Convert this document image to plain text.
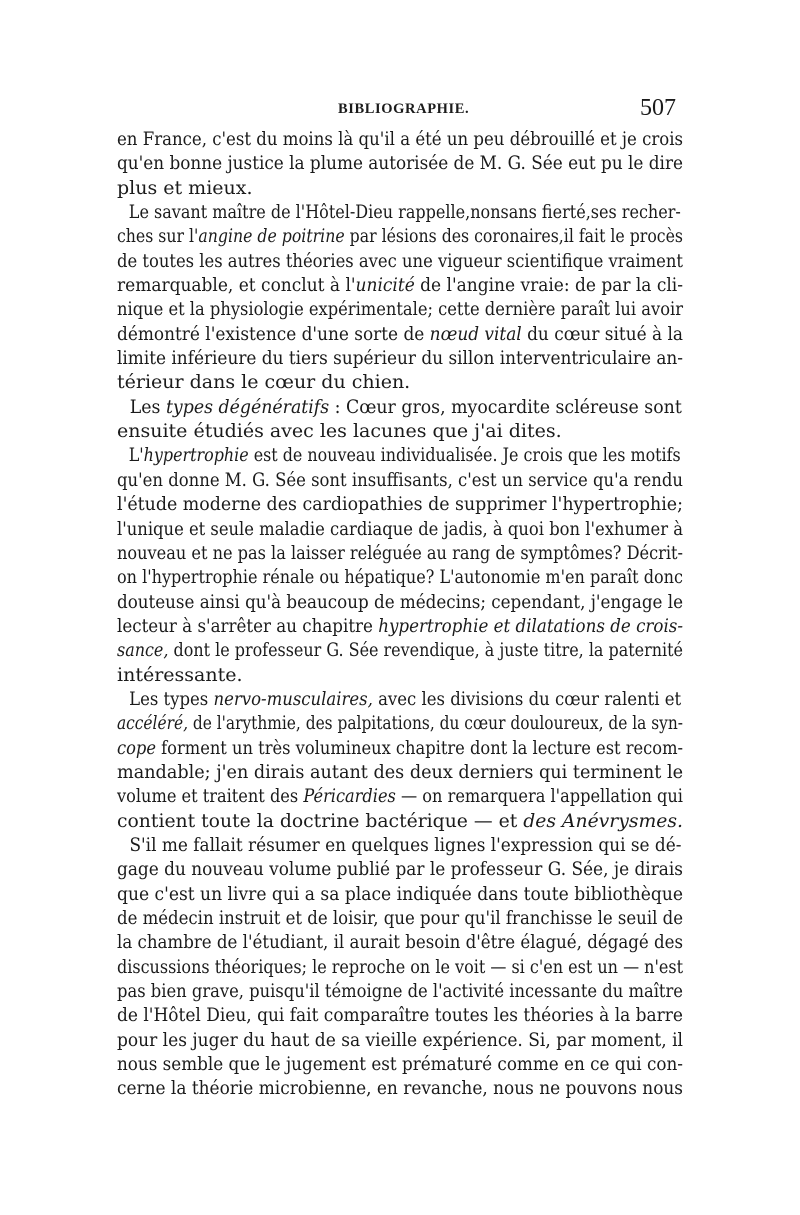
BIBLIOGRAPHIE.	507
en France, c'est du moins là qu'il a été un peu débrouillé et je crois
qu'en bonne justice la plume autorisée de M. G. Sée eut pu le dire
plus et mieux.
Le savant maître de l'Hôtel-Dieu rappelle,nonsans fierté,ses recher-
ches sur l'angine de poitrine par lésions des coronaires,il fait le procès
de toutes les autres théories avec une vigueur scientifique vraiment
remarquable, et conclut à l'unicité de l'angine vraie: de par la cli-
nique et la physiologie expérimentale; cette dernière paraît lui avoir
démontré l'existence d'une sorte de nœud vital du cœur situé à la
limite inférieure du tiers supérieur du sillon interventriculaire an-
térieur dans le cœur du chien.
Les types dégénératifs : Cœur gros, myocardite scléreuse sont
ensuite étudiés avec les lacunes que j'ai dites.
L'hypertrophie est de nouveau individualisée. Je crois que les motifs
qu'en donne M. G. Sée sont insuffisants, c'est un service qu'a rendu
l'étude moderne des cardiopathies de supprimer l'hypertrophie;
l'unique et seule maladie cardiaque de jadis, à quoi bon l'exhumer à
nouveau et ne pas la laisser reléguée au rang de symptômes? Décrit-
on l'hypertrophie rénale ou hépatique? L'autonomie m'en paraît donc
douteuse ainsi qu'à beaucoup de médecins; cependant, j'engage le
lecteur à s'arrêter au chapitre hypertrophie et dilatations de crois-
sance, dont le professeur G. Sée revendique, à juste titre, la paternité
intéressante.
Les types nervo-musculaires, avec les divisions du cœur ralenti et
accéléré, de l'arythmie, des palpitations, du cœur douloureux, de la syn-
cope forment un très volumineux chapitre dont la lecture est recom-
mandable; j'en dirais autant des deux derniers qui terminent le
volume et traitent des Péricardies — on remarquera l'appellation qui
contient toute la doctrine bactérique — et des Anévrysmes.
S'il me fallait résumer en quelques lignes l'expression qui se dé-
gage du nouveau volume publié par le professeur G. Sée, je dirais
que c'est un livre qui a sa place indiquée dans toute bibliothèque
de médecin instruit et de loisir, que pour qu'il franchisse le seuil de
la chambre de l'étudiant, il aurait besoin d'être élagué, dégagé des
discussions théoriques; le reproche on le voit — si c'en est un — n'est
pas bien grave, puisqu'il témoigne de l'activité incessante du maître
de l'Hôtel Dieu, qui fait comparaître toutes les théories à la barre
pour les juger du haut de sa vieille expérience. Si, par moment, il
nous semble que le jugement est prématuré comme en ce qui con-
cerne la théorie microbienne, en revanche, nous ne pouvons nous
